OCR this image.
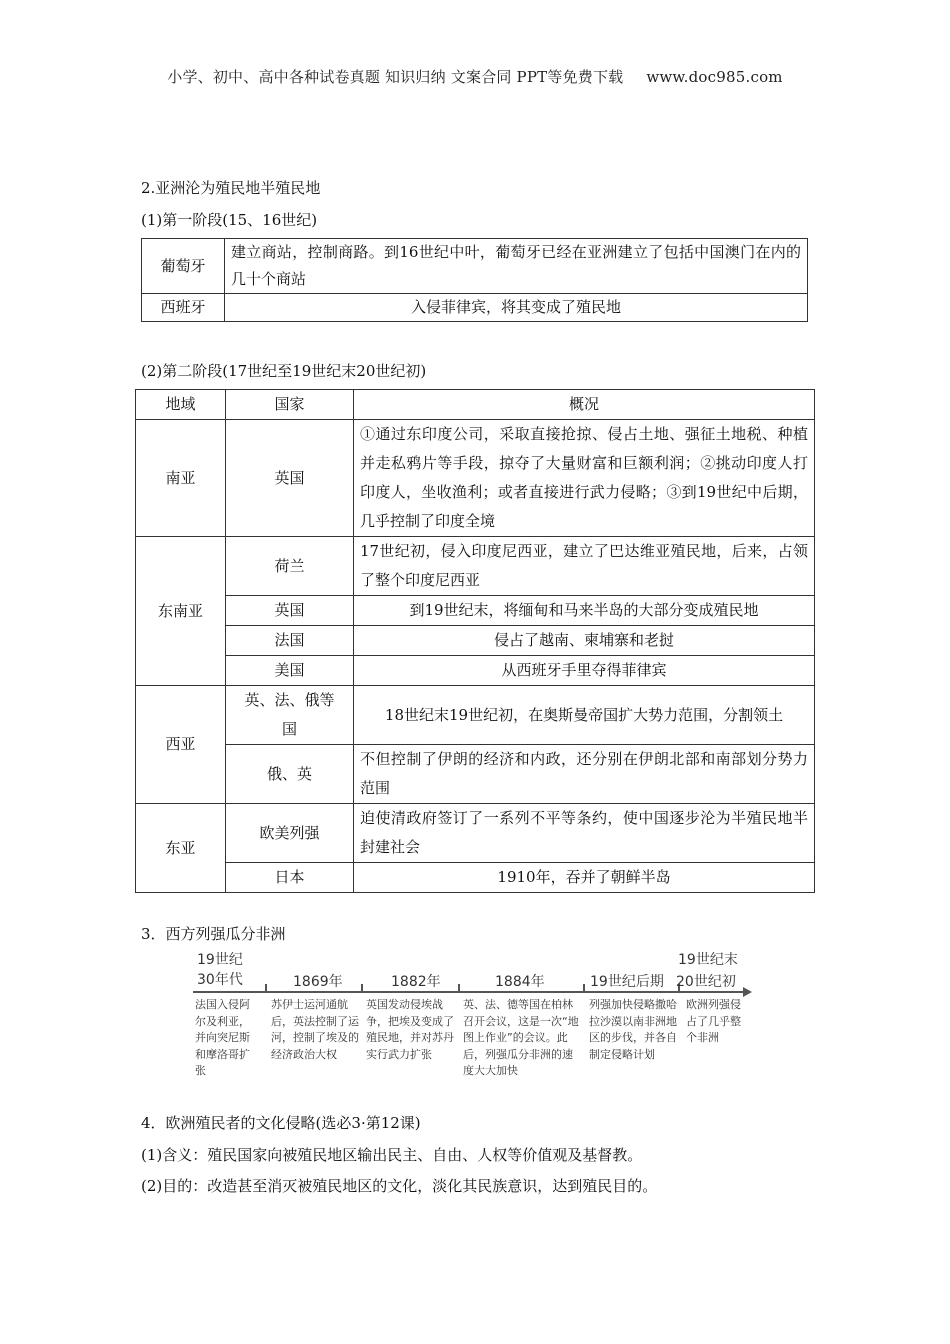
小学、初中、高中各种试卷真题 知识归纳 文案合同 PPT等免费下载 www.doc985.com
2.亚洲沦为殖民地半殖民地
(1)第一阶段(15、16世纪)
葡萄牙	建立商站，控制商路。到16世纪中叶，葡萄牙已经在亚洲建立了包括中国澳门在内的几十个商站
西班牙	入侵菲律宾，将其变成了殖民地
(2)第二阶段(17世纪至19世纪末20世纪初)
地域	国家	概况
南亚	英国	①通过东印度公司，采取直接抢掠、侵占土地、强征土地税、种植并走私鸦片等手段，掠夺了大量财富和巨额利润；②挑动印度人打印度人，坐收渔利；或者直接进行武力侵略；③到19世纪中后期，几乎控制了印度全境
东南亚	荷兰	17世纪初，侵入印度尼西亚，建立了巴达维亚殖民地，后来，占领了整个印度尼西亚
	英国	到19世纪末，将缅甸和马来半岛的大部分变成殖民地
	法国	侵占了越南、柬埔寨和老挝
	美国	从西班牙手里夺得菲律宾
西亚	英、法、俄等国	18世纪末19世纪初，在奥斯曼帝国扩大势力范围，分割领土
	俄、英	不但控制了伊朗的经济和内政，还分别在伊朗北部和南部划分势力范围
东亚	欧美列强	迫使清政府签订了一系列不平等条约，使中国逐步沦为半殖民地半封建社会
	日本	1910年，吞并了朝鲜半岛
3．西方列强瓜分非洲
19世纪
30年代
法国入侵阿尔及利亚，并向突尼斯和摩洛哥扩张
1869年
苏伊士运河通航后，英法控制了运河，控制了埃及的经济政治大权
1882年
英国发动侵埃战争，把埃及变成了殖民地，并对苏丹实行武力扩张
1884年
英、法、德等国在柏林召开会议，这是一次“地图上作业”的会议。此后，列强瓜分非洲的速度大大加快
19世纪后期
列强加快侵略撒哈拉沙漠以南非洲地区的步伐，并各自制定侵略计划
19世纪末
20世纪初
欧洲列强侵占了几乎整个非洲
4．欧洲殖民者的文化侵略(选必3·第12课)
(1)含义：殖民国家向被殖民地区输出民主、自由、人权等价值观及基督教。
(2)目的：改造甚至消灭被殖民地区的文化，淡化其民族意识，达到殖民目的。
